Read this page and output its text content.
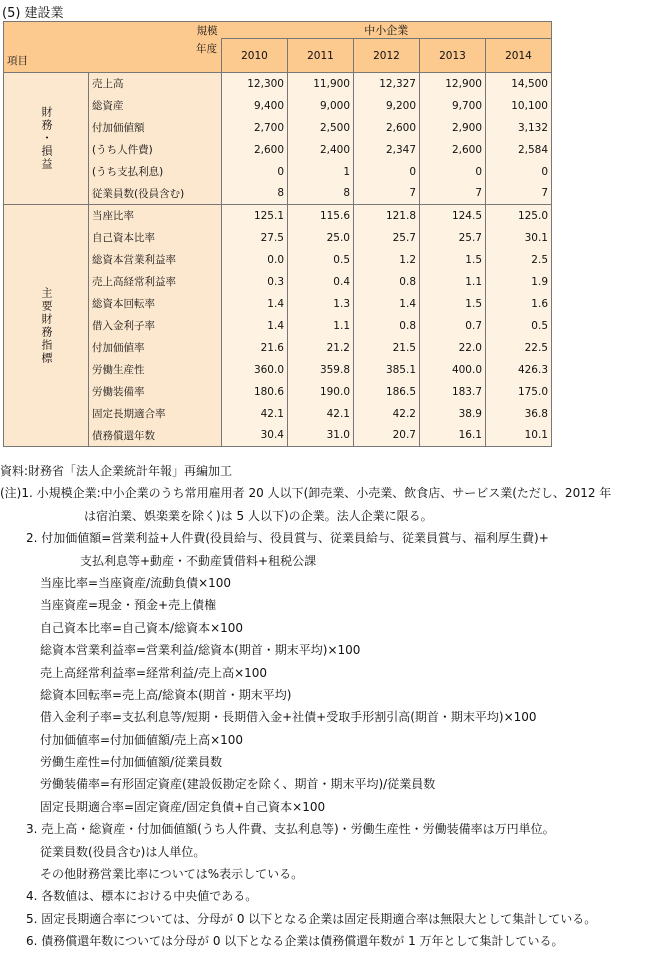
(5) 建設業
規模		中小企業				

年度
項目		2010	2011	2012	2013	2014
財務・損益	売上高	12,300	11,900	12,327	12,900	14,500
	総資産	9,400	9,000	9,200	9,700	10,100
	付加価値額	2,700	2,500	2,600	2,900	3,132
	(うち人件費)	2,600	2,400	2,347	2,600	2,584
	(うち支払利息)	0	1	0	0	0
	従業員数(役員含む)	8	8	7	7	7
主要財務指標	当座比率	125.1	115.6	121.8	124.5	125.0
	自己資本比率	27.5	25.0	25.7	25.7	30.1
	総資本営業利益率	0.0	0.5	1.2	1.5	2.5
	売上高経常利益率	0.3	0.4	0.8	1.1	1.9
	総資本回転率	1.4	1.3	1.4	1.5	1.6
	借入金利子率	1.4	1.1	0.8	0.7	0.5
	付加価値率	21.6	21.2	21.5	22.0	22.5
	労働生産性	360.0	359.8	385.1	400.0	426.3
	労働装備率	180.6	190.0	186.5	183.7	175.0
	固定長期適合率	42.1	42.1	42.2	38.9	36.8
	債務償還年数	30.4	31.0	20.7	16.1	10.1
資料:財務省「法人企業統計年報」再編加工
(注)1. 小規模企業:中小企業のうち常用雇用者 20 人以下(卸売業、小売業、飲食店、サービス業(ただし、2012 年
は宿泊業、娯楽業を除く)は 5 人以下)の企業。法人企業に限る。
2. 付加価値額=営業利益+人件費(役員給与、役員賞与、従業員給与、従業員賞与、福利厚生費)+
支払利息等+動産・不動産賃借料+租税公課
当座比率=当座資産/流動負債×100
当座資産=現金・預金+売上債権
自己資本比率=自己資本/総資本×100
総資本営業利益率=営業利益/総資本(期首・期末平均)×100
売上高経常利益率=経常利益/売上高×100
総資本回転率=売上高/総資本(期首・期末平均)
借入金利子率=支払利息等/短期・長期借入金+社債+受取手形割引高(期首・期末平均)×100
付加価値率=付加価値額/売上高×100
労働生産性=付加価値額/従業員数
労働装備率=有形固定資産(建設仮勘定を除く、期首・期末平均)/従業員数
固定長期適合率=固定資産/固定負債+自己資本×100
3. 売上高・総資産・付加価値額(うち人件費、支払利息等)・労働生産性・労働装備率は万円単位。
従業員数(役員含む)は人単位。
その他財務営業比率については%表示している。
4. 各数値は、標本における中央値である。
5. 固定長期適合率については、分母が 0 以下となる企業は固定長期適合率は無限大として集計している。
6. 債務償還年数については分母が 0 以下となる企業は債務償還年数が 1 万年として集計している。
